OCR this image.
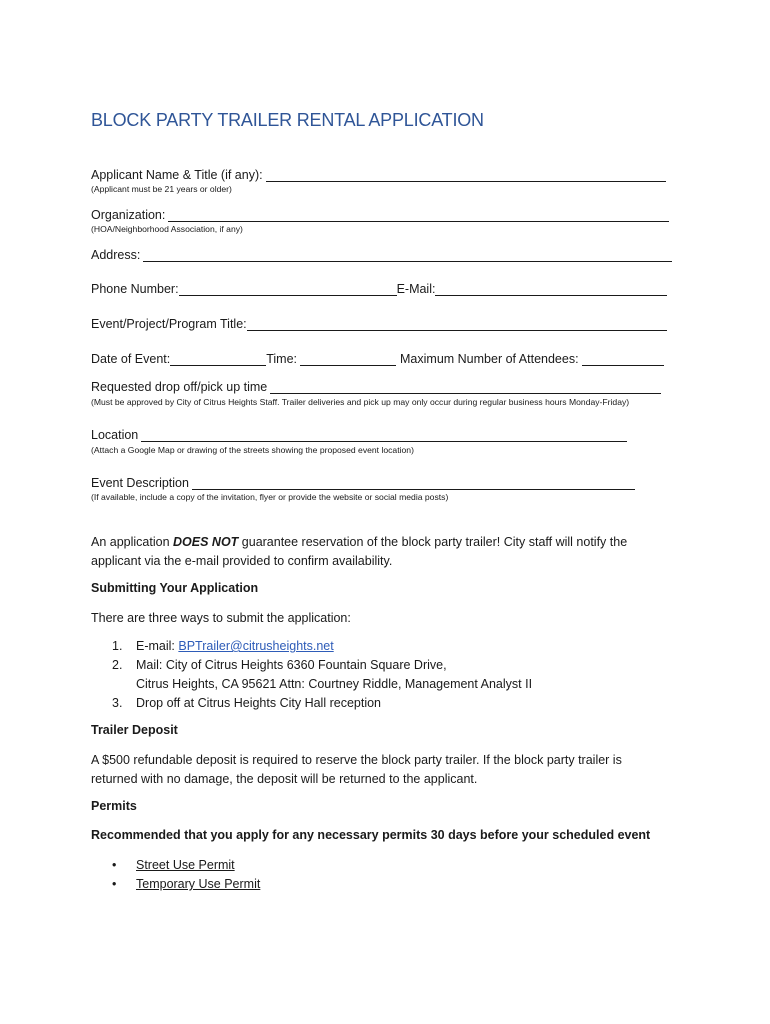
BLOCK PARTY TRAILER RENTAL APPLICATION
Applicant Name & Title (if any):
(Applicant must be 21 years or older)
Organization:
(HOA/Neighborhood Association, if any)
Address:
Phone Number:	E-Mail:
Event/Project/Program Title:
Date of Event:	Time:	Maximum Number of Attendees:
Requested drop off/pick up time
(Must be approved by City of Citrus Heights Staff. Trailer deliveries and pick up may only occur during regular business hours Monday-Friday)
Location
(Attach a Google Map or drawing of the streets showing the proposed event location)
Event Description
(If available, include a copy of the invitation, flyer or provide the website or social media posts)
An application DOES NOT guarantee reservation of the block party trailer! City staff will notify the applicant via the e-mail provided to confirm availability.
Submitting Your Application
There are three ways to submit the application:
1.	E-mail: BPTrailer@citrusheights.net
2.	Mail: City of Citrus Heights 6360 Fountain Square Drive,
Citrus Heights, CA 95621 Attn: Courtney Riddle, Management Analyst II
3.	Drop off at Citrus Heights City Hall reception
Trailer Deposit
A $500 refundable deposit is required to reserve the block party trailer. If the block party trailer is returned with no damage, the deposit will be returned to the applicant.
Permits
Recommended that you apply for any necessary permits 30 days before your scheduled event
•	Street Use Permit
•	Temporary Use Permit
